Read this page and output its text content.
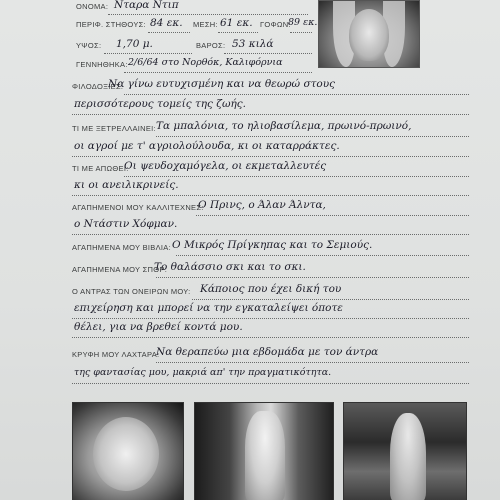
ΟΝΟΜΑ: Νταρα Ντιπ
ΠΕΡΙΦ. ΣΤΗΘΟΥΣ: 84 εκ. ΜΕΣΗ: 61 εκ. ΓΟΦΩΝ:
89 εκ.
ΥΨΟΣ: 1,70 μ.	ΒΑΡΟΣ: 53 κιλά
ΓΕΝΝΗΘΗΚΑ: 2/6/64 στο Νορθόκ, Καλιφόρνια
ΦΙΛΟΔΟΞΙΕΣ:
Να γίνω ευτυχισμένη και να θεωρώ στους
περισσότερους τομείς της ζωής.
ΤΙ ΜΕ ΞΕΤΡΕΛΛΑΙΝΕΙ: Τα μπαλόνια, το ηλιοβασίλεμα, πρωινό-πρωινό,
οι αγροί με τ' αγριολούλουδα, κι οι καταρράκτες.
ΤΙ ΜΕ ΑΠΩΘΕΙ:
Οι ψευδοχαμόγελα, οι εκμεταλλευτές
κι οι ανειλικρινείς.
ΑΓΑΠΗΜΕΝΟΙ ΜΟΥ ΚΑΛΛΙΤΕΧΝΕΣ:
Ο Πρινς, ο Άλαν Άλντα,
ο Ντάστιν Χόφμαν.
ΑΓΑΠΗΜΕΝΑ ΜΟΥ ΒΙΒΛΙΑ: Ο Μικρός Πρίγκηπας και το Σεμιούς.
ΑΓΑΠΗΜΕΝΑ ΜΟΥ ΣΠΟΡ:
Το θαλάσσιο σκι και το σκι.
Ο ΑΝΤΡΑΣ ΤΩΝ ΟΝΕΙΡΩΝ ΜΟΥ: Κάποιος που έχει δική του
επιχείρηση και μπορεί να την εγκαταλείψει όποτε
θέλει, για να βρεθεί κοντά μου.
ΚΡΥΦΗ ΜΟΥ ΛΑΧΤΑΡΑ:
Να θεραπεύω μια εβδομάδα με τον άντρα
της φαντασίας μου, μακριά απ' την πραγματικότητα.
